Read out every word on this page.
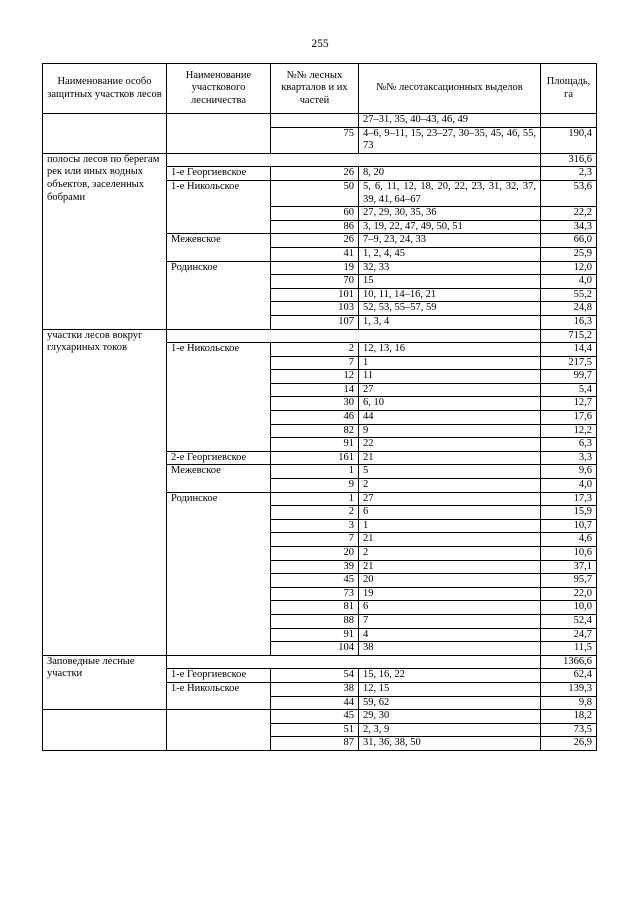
255
Наименование особо защитных участков лесов	Наименование участкового лесничества	№№ лесных кварталов и их частей	№№ лесотаксационных выделов	Площадь, га
			27–31, 35, 40–43, 46, 49	
		75	4–6, 9–11, 15, 23–27, 30–35, 45, 46, 55, 73	190,4
полосы лесов по берегам рек или иных водных объектов, заселенных бобрами				316,6
	1-е Георгиевское	26	8, 20	2,3
	1-е Никольское	50	5, 6, 11, 12, 18, 20, 22, 23, 31, 32, 37, 39, 41, 64–67	53,6
		60	27, 29, 30, 35, 36	22,2
		86	3, 19, 22, 47, 49, 50, 51	34,3
	Межевское	26	7–9, 23, 24, 33	66,0
		41	1, 2, 4, 45	25,9
	Родинское	19	32, 33	12,0
		70	15	4,0
		101	10, 11, 14–16, 21	55,2
		103	52, 53, 55–57, 59	24,8
		107	1, 3, 4	16,3
участки лесов вокруг глухариных токов				715,2
	1-е Никольское	2	12, 13, 16	14,4
		7	1	217,5
		12	11	99,7
		14	27	5,4
		30	6, 10	12,7
		46	44	17,6
		82	9	12,2
		91	22	6,3
	2-е Георгиевское	161	21	3,3
	Межевское	1	5	9,6
		9	2	4,0
	Родинское	1	27	17,3
		2	6	15,9
		3	1	10,7
		7	21	4,6
		20	2	10,6
		39	21	37,1
		45	20	95,7
		73	19	22,0
		81	6	10,0
		88	7	52,4
		91	4	24,7
		104	38	11,5
Заповедные лесные участки				1366,6
	1-е Георгиевское	54	15, 16, 22	62,4
	1-е Никольское	38	12, 15	139,3
		44	59, 62	9,8
		45	29, 30	18,2
		51	2, 3, 9	73,5
		87	31, 36, 38, 50	26,9
